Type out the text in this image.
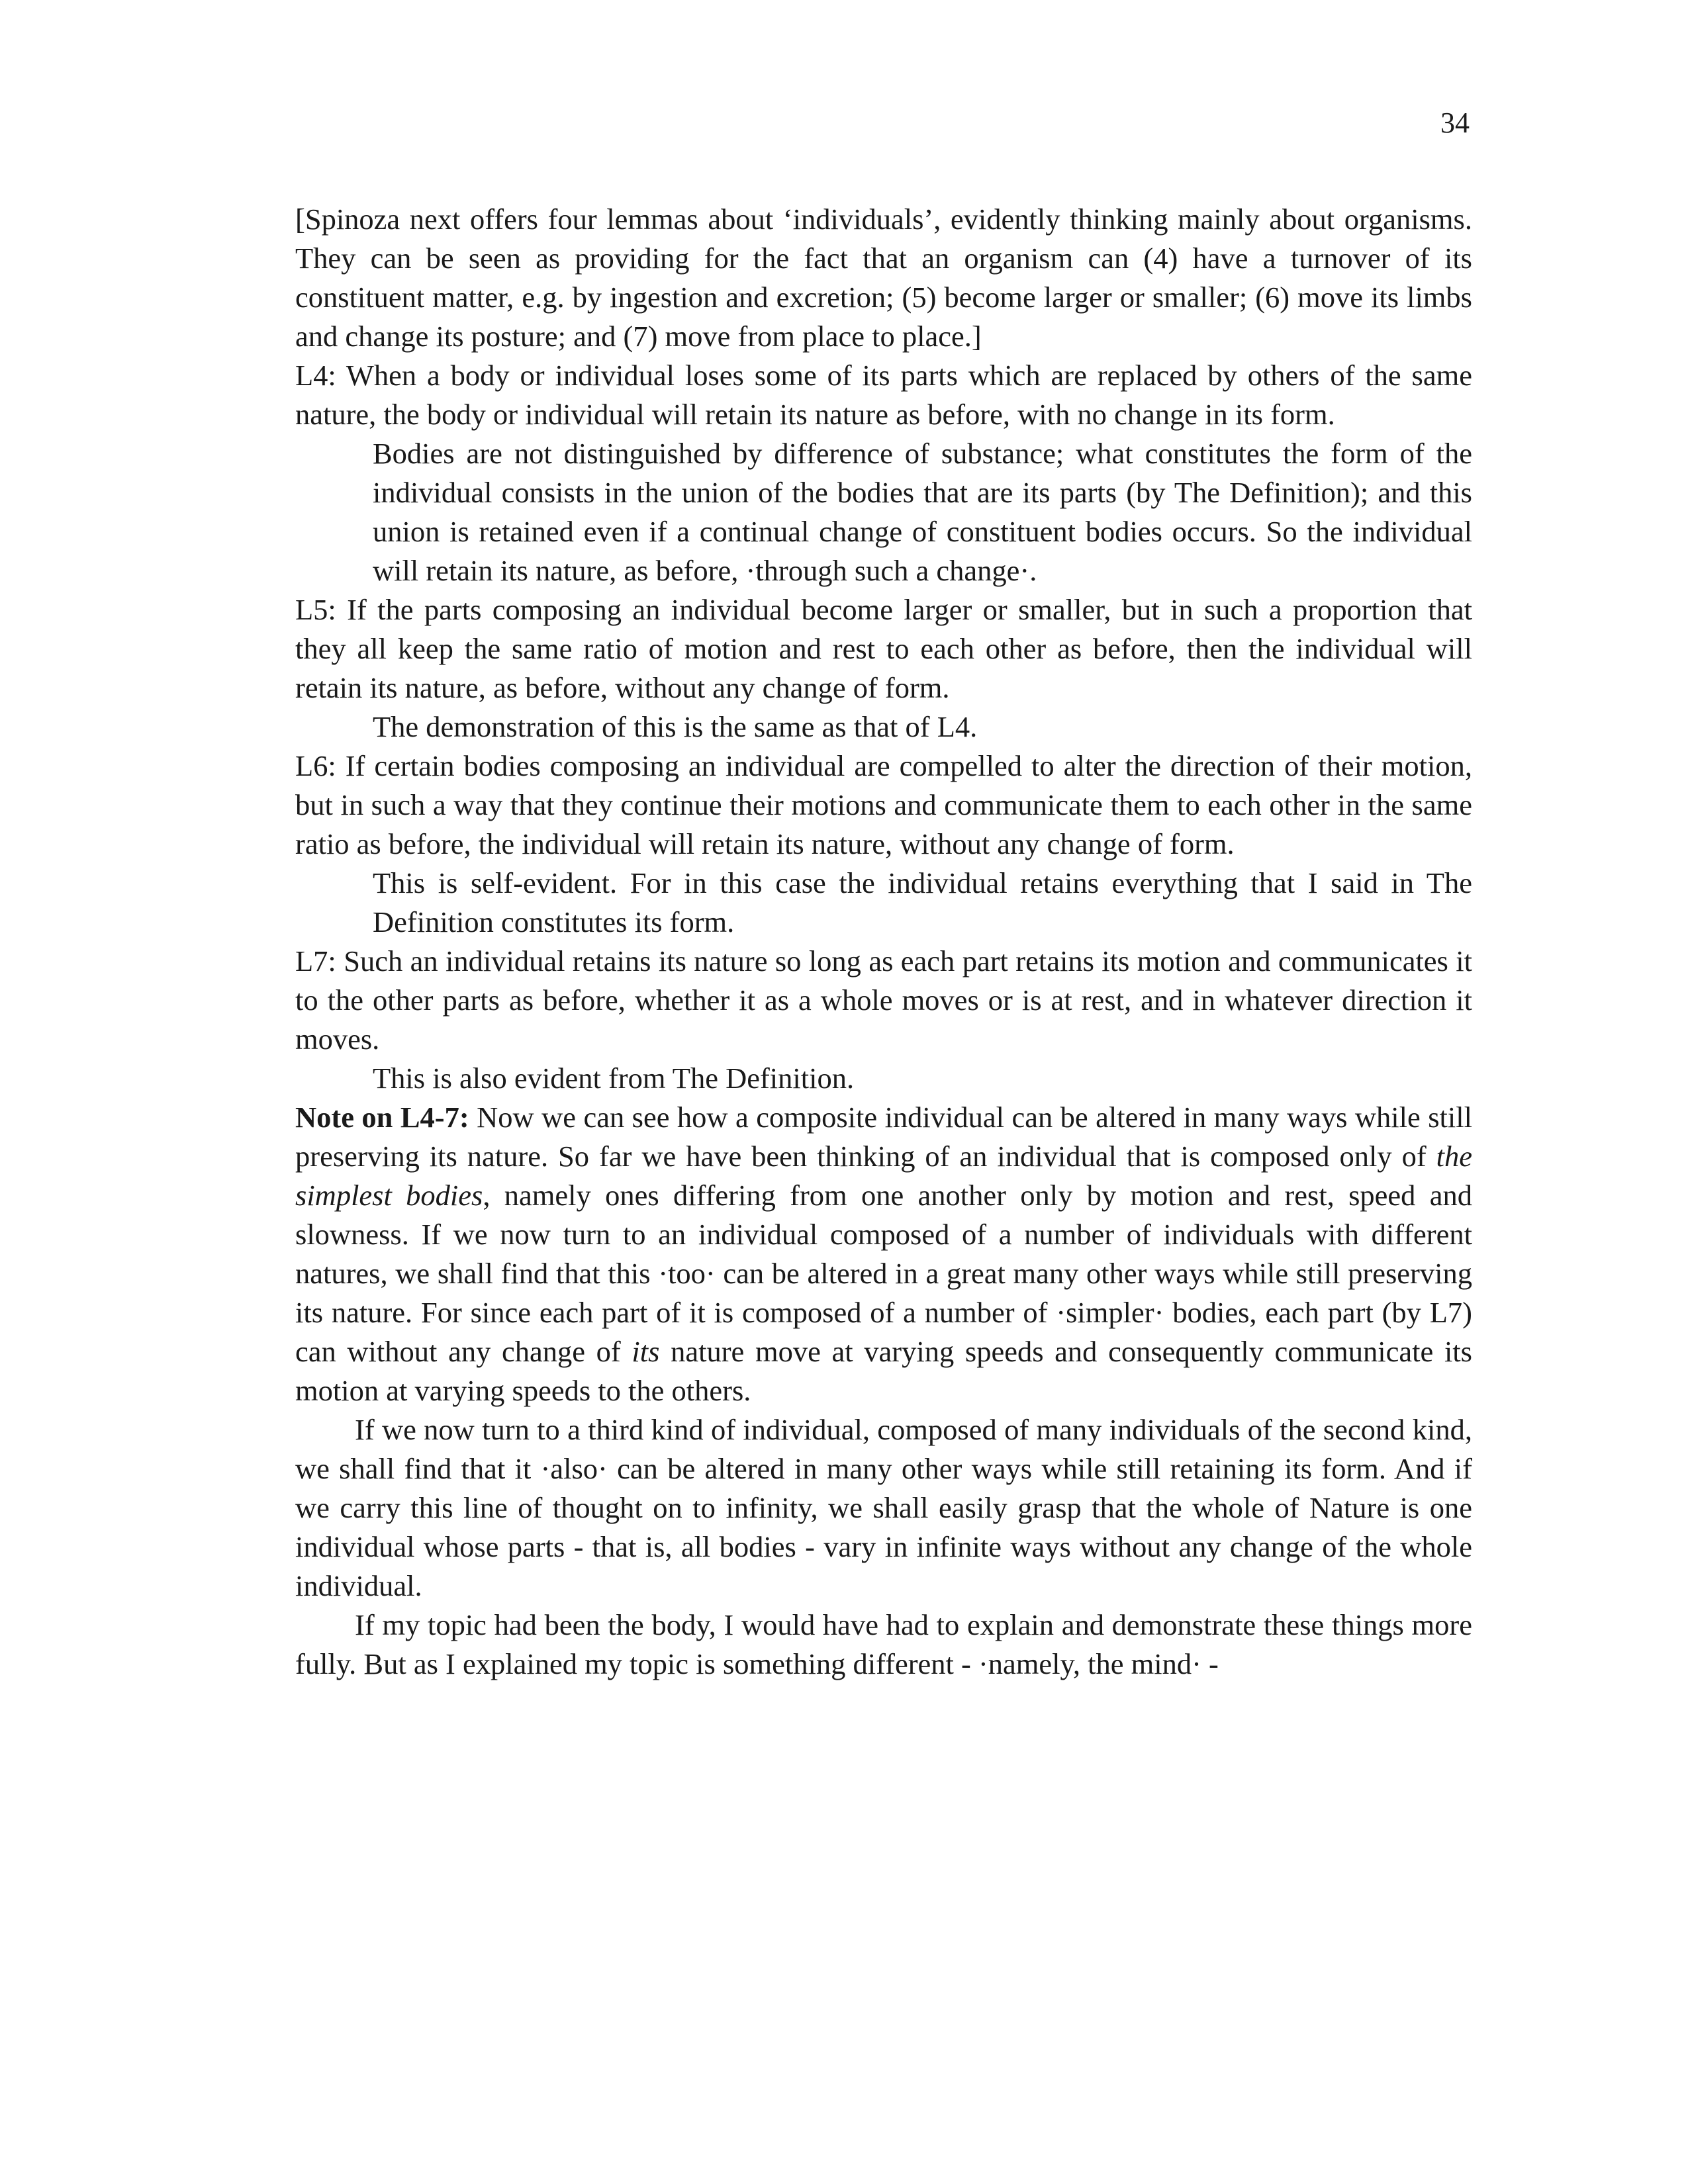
34

[Spinoza next offers four lemmas about ‘individuals’, evidently thinking mainly about organisms. They can be seen as providing for the fact that an organism can (4) have a turnover of its constituent matter, e.g. by ingestion and excretion; (5) become larger or smaller; (6) move its limbs and change its posture; and (7) move from place to place.]

L4: When a body or individual loses some of its parts which are replaced by others of the same nature, the body or individual will retain its nature as before, with no change in its form.

Bodies are not distinguished by difference of substance; what constitutes the form of the individual consists in the union of the bodies that are its parts (by The Definition); and this union is retained even if a continual change of constituent bodies occurs. So the individual will retain its nature, as before, ·through such a change·.

L5: If the parts composing an individual become larger or smaller, but in such a proportion that they all keep the same ratio of motion and rest to each other as before, then the individual will retain its nature, as before, without any change of form.

The demonstration of this is the same as that of L4.

L6: If certain bodies composing an individual are compelled to alter the direction of their motion, but in such a way that they continue their motions and communicate them to each other in the same ratio as before, the individual will retain its nature, without any change of form.

This is self-evident. For in this case the individual retains everything that I said in The Definition constitutes its form.

L7: Such an individual retains its nature so long as each part retains its motion and communicates it to the other parts as before, whether it as a whole moves or is at rest, and in whatever direction it moves.

This is also evident from The Definition.

Note on L4-7: Now we can see how a composite individual can be altered in many ways while still preserving its nature. So far we have been thinking of an individual that is composed only of the simplest bodies, namely ones differing from one another only by motion and rest, speed and slowness. If we now turn to an individual composed of a number of individuals with different natures, we shall find that this ·too· can be altered in a great many other ways while still preserving its nature. For since each part of it is composed of a number of ·simpler· bodies, each part (by L7) can without any change of its nature move at varying speeds and consequently communicate its motion at varying speeds to the others.

If we now turn to a third kind of individual, composed of many individuals of the second kind, we shall find that it ·also· can be altered in many other ways while still retaining its form. And if we carry this line of thought on to infinity, we shall easily grasp that the whole of Nature is one individual whose parts - that is, all bodies - vary in infinite ways without any change of the whole individual.

If my topic had been the body, I would have had to explain and demonstrate these things more fully. But as I explained my topic is something different - ·namely, the mind· -
